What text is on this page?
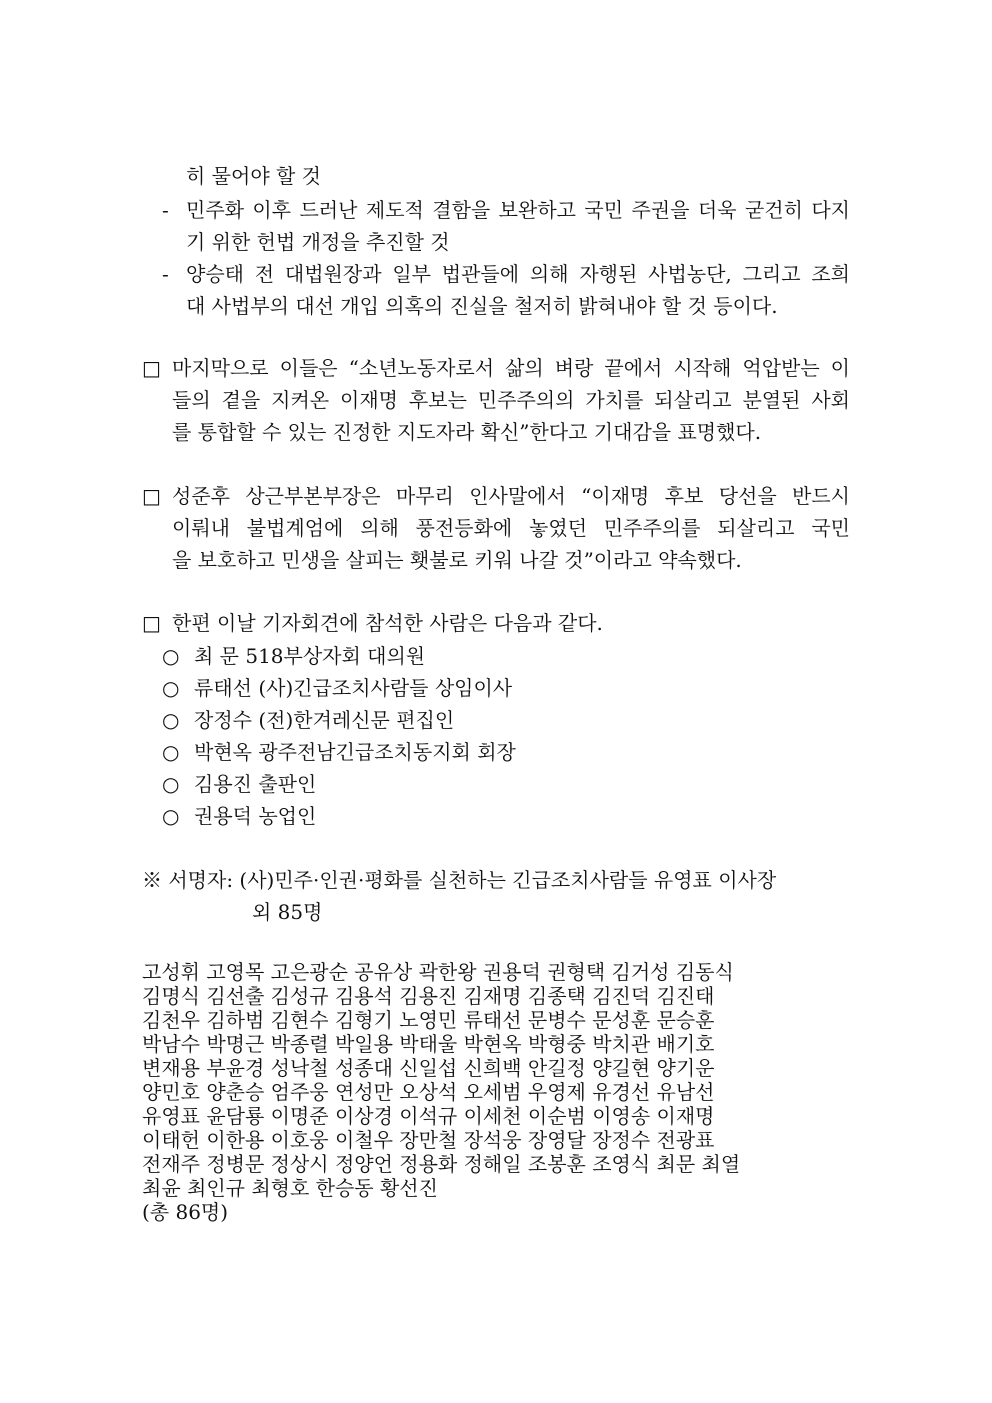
히 물어야 할 것
- 민주화 이후 드러난 제도적 결함을 보완하고 국민 주권을 더욱 굳건히 다지
기 위한 헌법 개정을 추진할 것
- 양승태 전 대법원장과 일부 법관들에 의해 자행된 사법농단, 그리고 조희
대 사법부의 대선 개입 의혹의 진실을 철저히 밝혀내야 할 것 등이다.
□ 마지막으로 이들은 “소년노동자로서 삶의 벼랑 끝에서 시작해 억압받는 이
들의 곁을 지켜온 이재명 후보는 민주주의의 가치를 되살리고 분열된 사회
를 통합할 수 있는 진정한 지도자라 확신”한다고 기대감을 표명했다.
□ 성준후 상근부본부장은 마무리 인사말에서 “이재명 후보 당선을 반드시
이뤄내 불법계엄에 의해 풍전등화에 놓였던 민주주의를 되살리고 국민
을 보호하고 민생을 살피는 횃불로 키워 나갈 것”이라고 약속했다.
□ 한편 이날 기자회견에 참석한 사람은 다음과 같다.
○ 최 문 518부상자회 대의원
○ 류태선 (사)긴급조치사람들 상임이사
○ 장정수 (전)한겨레신문 편집인
○ 박현옥 광주전남긴급조치동지회 회장
○ 김용진 출판인
○ 권용덕 농업인
※ 서명자: (사)민주·인권·평화를 실천하는 긴급조치사람들 유영표 이사장
외 85명
고성휘 고영목 고은광순 공유상 곽한왕 권용덕 권형택 김거성 김동식
김명식 김선출 김성규 김용석 김용진 김재명 김종택 김진덕 김진태
김천우 김하범 김현수 김형기 노영민 류태선 문병수 문성훈 문승훈
박남수 박명근 박종렬 박일용 박태울 박현옥 박형중 박치관 배기호
변재용 부윤경 성낙철 성종대 신일섭 신희백 안길정 양길현 양기운
양민호 양춘승 엄주웅 연성만 오상석 오세범 우영제 유경선 유남선
유영표 윤담룡 이명준 이상경 이석규 이세천 이순범 이영송 이재명
이태헌 이한용 이호웅 이철우 장만철 장석웅 장영달 장정수 전광표
전재주 정병문 정상시 정양언 정용화 정해일 조봉훈 조영식 최문 최열
최윤 최인규 최형호 한승동 황선진
(총 86명)
